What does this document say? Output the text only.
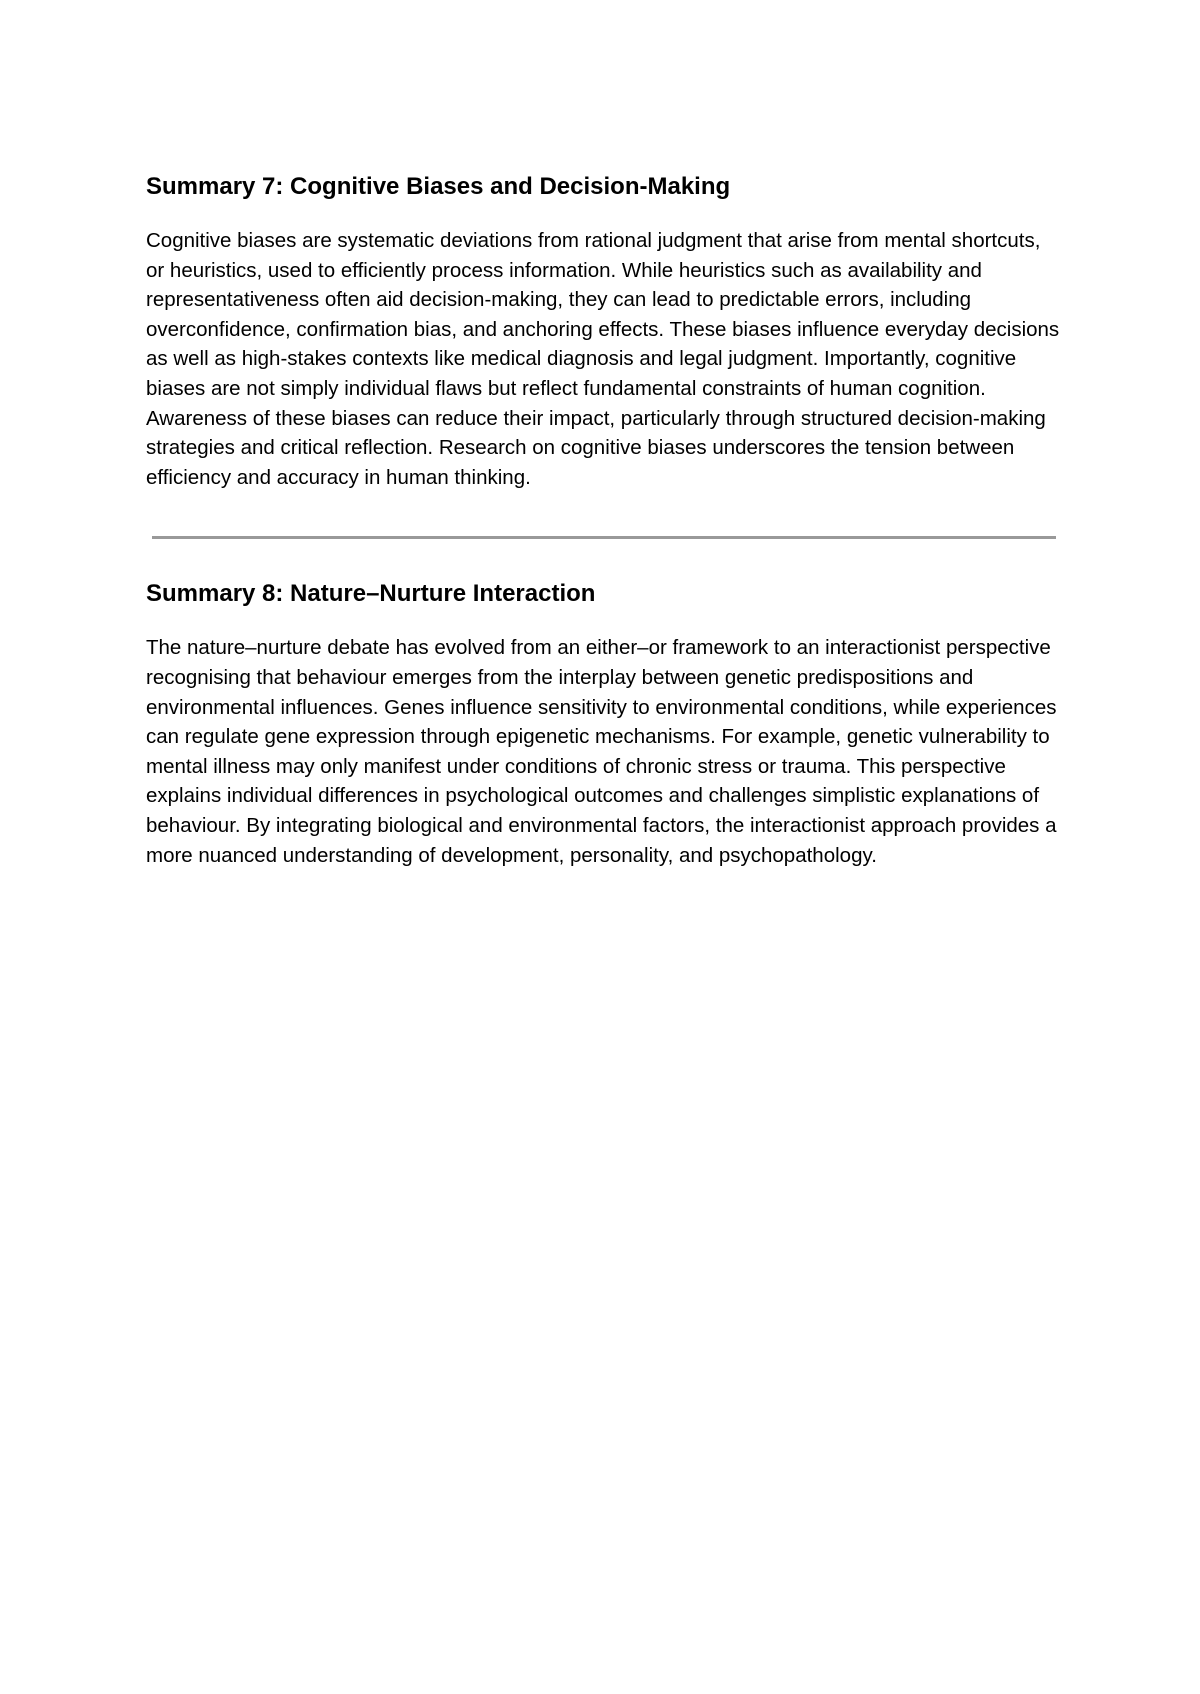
Summary 7: Cognitive Biases and Decision-Making

Cognitive biases are systematic deviations from rational judgment that arise from mental shortcuts, or heuristics, used to efficiently process information. While heuristics such as availability and representativeness often aid decision-making, they can lead to predictable errors, including overconfidence, confirmation bias, and anchoring effects. These biases influence everyday decisions as well as high-stakes contexts like medical diagnosis and legal judgment. Importantly, cognitive biases are not simply individual flaws but reflect fundamental constraints of human cognition. Awareness of these biases can reduce their impact, particularly through structured decision-making strategies and critical reflection. Research on cognitive biases underscores the tension between efficiency and accuracy in human thinking.

Summary 8: Nature–Nurture Interaction

The nature–nurture debate has evolved from an either–or framework to an interactionist perspective recognising that behaviour emerges from the interplay between genetic predispositions and environmental influences. Genes influence sensitivity to environmental conditions, while experiences can regulate gene expression through epigenetic mechanisms. For example, genetic vulnerability to mental illness may only manifest under conditions of chronic stress or trauma. This perspective explains individual differences in psychological outcomes and challenges simplistic explanations of behaviour. By integrating biological and environmental factors, the interactionist approach provides a more nuanced understanding of development, personality, and psychopathology.
